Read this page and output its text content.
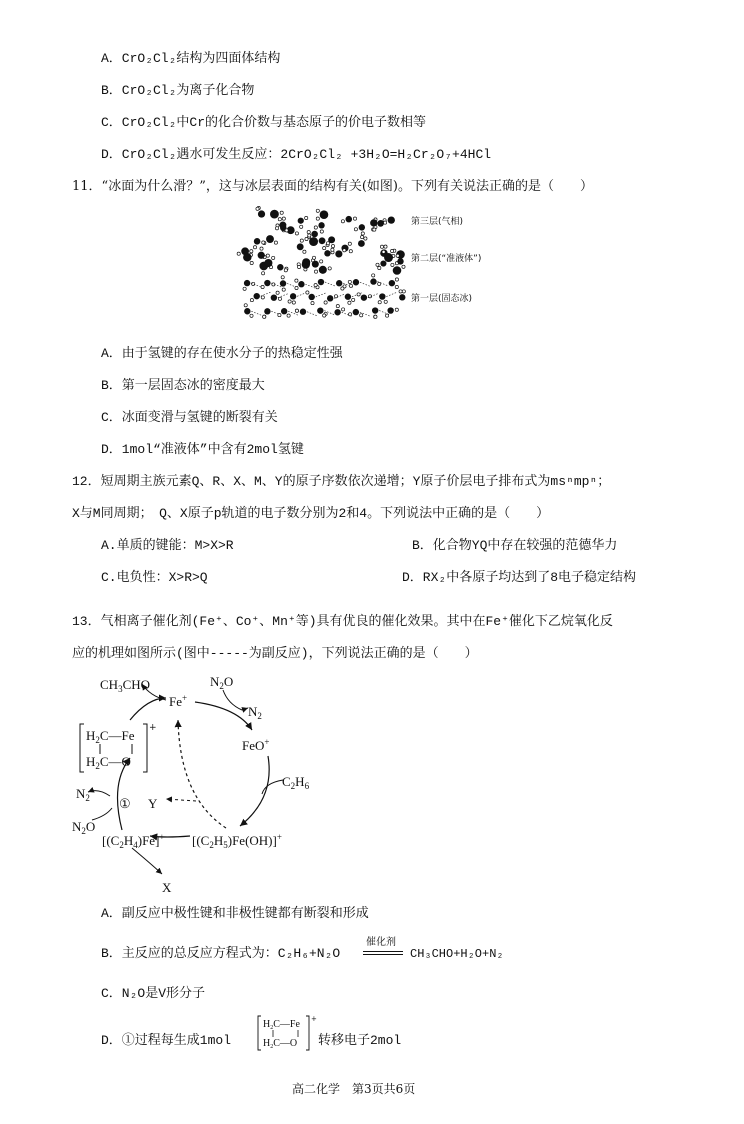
A．CrO₂Cl₂结构为四面体结构
B．CrO₂Cl₂为离子化合物
C．CrO₂Cl₂中Cr的化合价数与基态原子的价电子数相等
D．CrO₂Cl₂遇水可发生反应：2CrO₂Cl₂ +3H₂O=H₂Cr₂O₇+4HCl
11．“冰面为什么滑？”，这与冰层表面的结构有关(如图)。下列有关说法正确的是（　　）
第三层(气相)
第二层(“准液体”)
第一层(固态冰)
A．由于氢键的存在使水分子的热稳定性强
B．第一层固态冰的密度最大
C．冰面变滑与氢键的断裂有关
D．1mol“准液体”中含有2mol氢键
12．短周期主族元素Q、R、X、M、Y的原子序数依次递增；Y原子价层电子排布式为msⁿmpⁿ；
X与M同周期；　Q、X原子p轨道的电子数分别为2和4。下列说法中正确的是（　　）
A.单质的键能：M>X>R	B．化合物YQ中存在较强的范德华力
C.电负性：X>R>Q	D．RX₂中各原子均达到了8电子稳定结构
13．气相离子催化剂(Fe⁺、Co⁺、Mn⁺等)具有优良的催化效果。其中在Fe⁺催化下乙烷氧化反
应的机理如图所示(图中-----为副反应)，下列说法正确的是（　　）
$CH_3CHO$
Fe+
$N_2O$
$N_2$
FeO+
$C_2H_6$
Y
$N_2$ ①
$N_2O$
$[(C_2H_4)Fe]^+$ $[(C_2H_5)Fe(OH)]^+$
X
+
$H_2C—Fe$
$H_2C—O$
A．副反应中极性键和非极性键都有断裂和形成
B．主反应的总反应方程式为：C₂H₆+N₂O
催化剂
CH₃CHO+H₂O+N₂
C．N₂O是V形分子
D．①过程每生成1mol
+
$H_2C—Fe$
$H_2C—O$ 转移电子2mol
高二化学　第3页共6页
